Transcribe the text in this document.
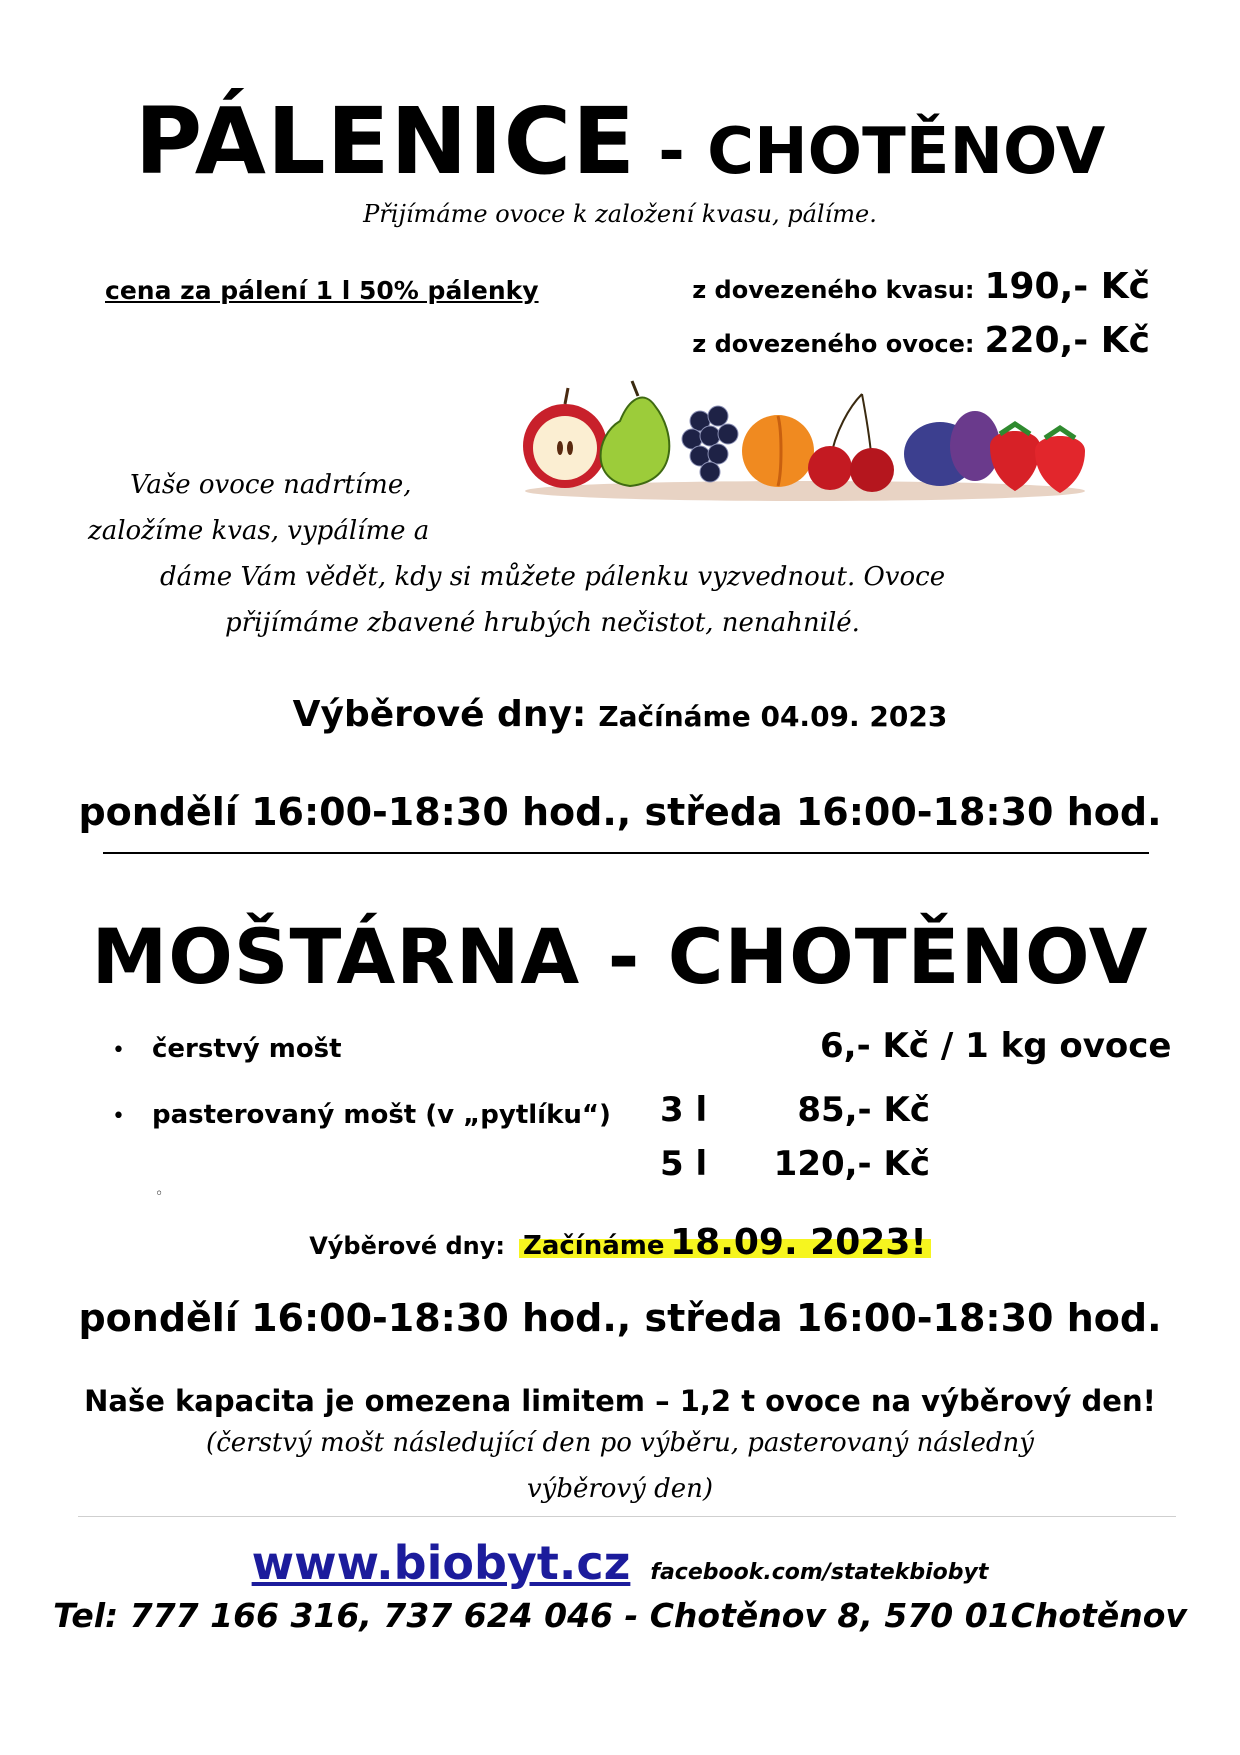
PÁLENICE - CHOTĚNOV
Přijímáme ovoce k založení kvasu, pálíme.
cena za pálení 1 l 50% pálenky	z dovezeného kvasu: 190,- Kč
z dovezeného ovoce: 220,- Kč
Vaše ovoce nadrtíme,
založíme kvas, vypálíme a
dáme Vám vědět, kdy si můžete pálenku vyzvednout. Ovoce
přijímáme zbavené hrubých nečistot, nenahnilé.
Výběrové dny: Začínáme 04.09. 2023
pondělí 16:00-18:30 hod., středa 16:00-18:30 hod.
MOŠTÁRNA - CHOTĚNOV
• čerstvý mošt	6,- Kč / 1 kg ovoce
• pasterovaný mošt (v „pytlíku“) 3 l	85,- Kč
5 l	120,- Kč
◦
Výběrové dny: Začínáme 18.09. 2023!
pondělí 16:00-18:30 hod., středa 16:00-18:30 hod.
Naše kapacita je omezena limitem – 1,2 t ovoce na výběrový den!
(čerstvý mošt následující den po výběru, pasterovaný následný
výběrový den)
www.biobyt.cz facebook.com/statekbiobyt
Tel: 777 166 316, 737 624 046 - Chotěnov 8, 570 01Chotěnov
